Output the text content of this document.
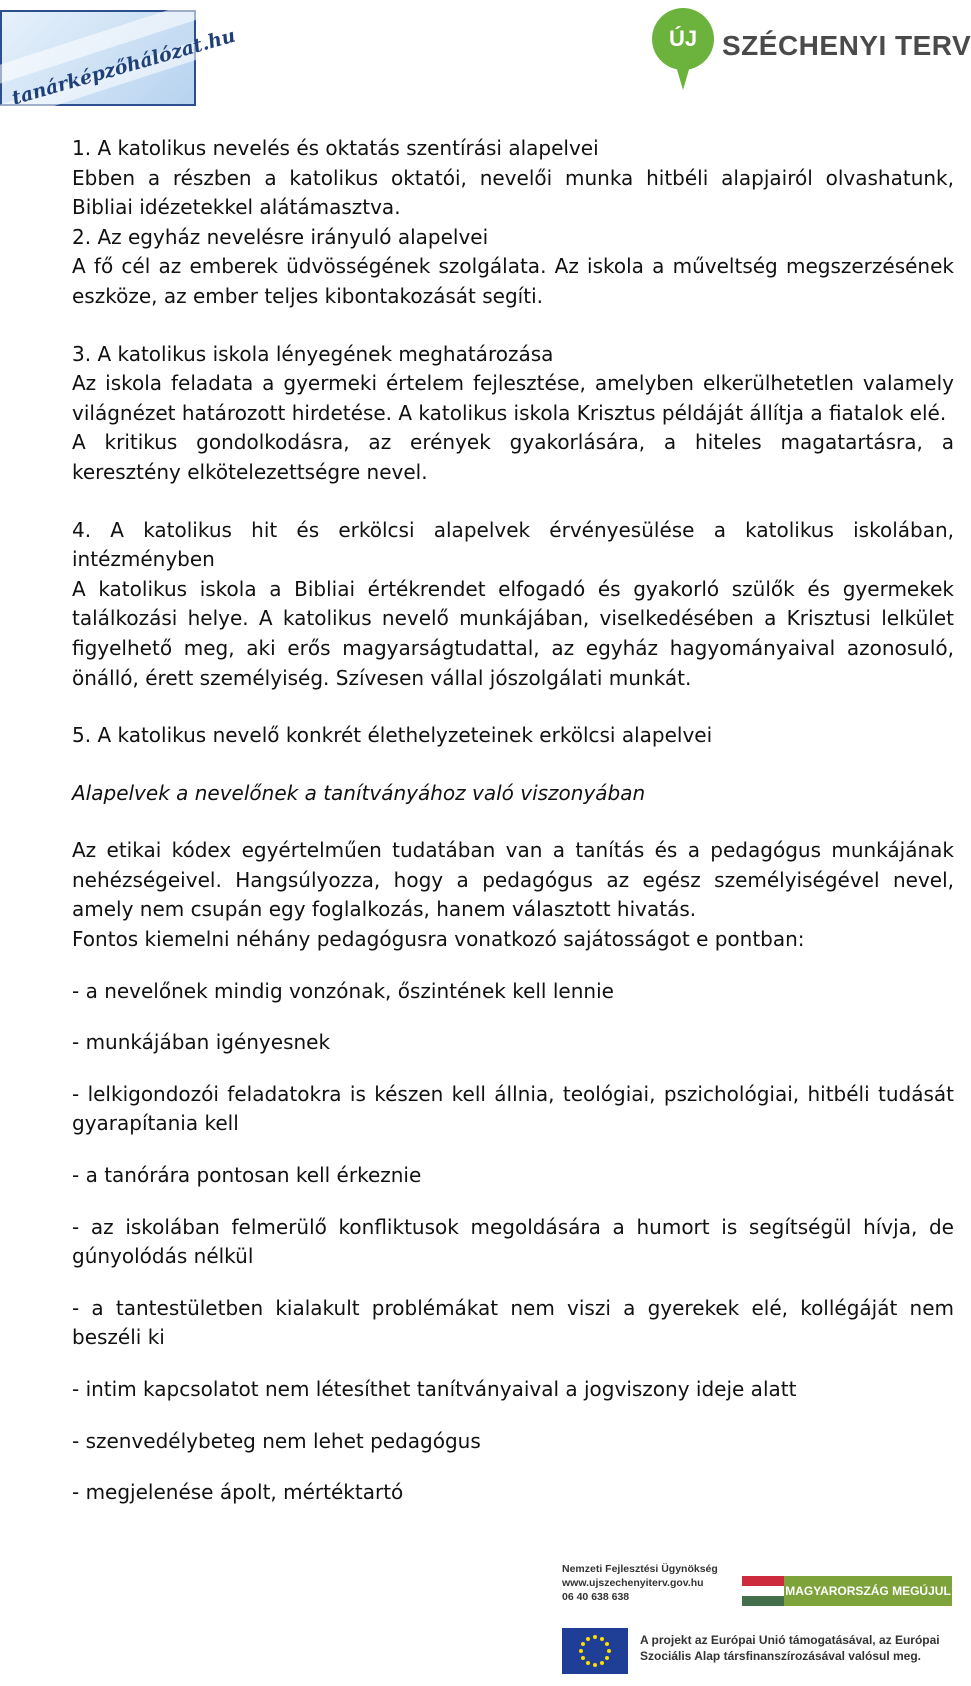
tanárképzőhálózat.hu	ÚJ SZÉCHENYI TERV

1. A katolikus nevelés és oktatás szentírási alapelvei

Ebben a részben a katolikus oktatói, nevelői munka hitbéli alapjairól olvashatunk, Bibliai idézetekkel alátámasztva.

2. Az egyház nevelésre irányuló alapelvei

A fő cél az emberek üdvösségének szolgálata. Az iskola a műveltség megszerzésének eszköze, az ember teljes kibontakozását segíti.

3. A katolikus iskola lényegének meghatározása

Az iskola feladata a gyermeki értelem fejlesztése, amelyben elkerülhetetlen valamely világnézet határozott hirdetése. A katolikus iskola Krisztus példáját állítja a fiatalok elé.

A kritikus gondolkodásra, az erények gyakorlására, a hiteles magatartásra, a keresztény elkötelezettségre nevel.

4. A katolikus hit és erkölcsi alapelvek érvényesülése a katolikus iskolában, intézményben

A katolikus iskola a Bibliai értékrendet elfogadó és gyakorló szülők és gyermekek találkozási helye. A katolikus nevelő munkájában, viselkedésében a Krisztusi lelkület figyelhető meg, aki erős magyarságtudattal, az egyház hagyományaival azonosuló, önálló, érett személyiség. Szívesen vállal jószolgálati munkát.

5. A katolikus nevelő konkrét élethelyzeteinek erkölcsi alapelvei

Alapelvek a nevelőnek a tanítványához való viszonyában

Az etikai kódex egyértelműen tudatában van a tanítás és a pedagógus munkájának nehézségeivel. Hangsúlyozza, hogy a pedagógus az egész személyiségével nevel, amely nem csupán egy foglalkozás, hanem választott hivatás.

Fontos kiemelni néhány pedagógusra vonatkozó sajátosságot e pontban:

- a nevelőnek mindig vonzónak, őszintének kell lennie

- munkájában igényesnek

- lelkigondozói feladatokra is készen kell állnia, teológiai, pszichológiai, hitbéli tudását gyarapítania kell

- a tanórára pontosan kell érkeznie

- az iskolában felmerülő konfliktusok megoldására a humort is segítségül hívja, de gúnyolódás nélkül

- a tantestületben kialakult problémákat nem viszi a gyerekek elé, kollégáját nem beszéli ki

- intim kapcsolatot nem létesíthet tanítványaival a jogviszony ideje alatt

- szenvedélybeteg nem lehet pedagógus

- megjelenése ápolt, mértéktartó

Nemzeti Fejlesztési Ügynökség
www.ujszechenyiterv.gov.hu
06 40 638 638	MAGYARORSZÁG MEGÚJUL
A projekt az Európai Unió támogatásával, az Európai
Szociális Alap társfinanszírozásával valósul meg.
